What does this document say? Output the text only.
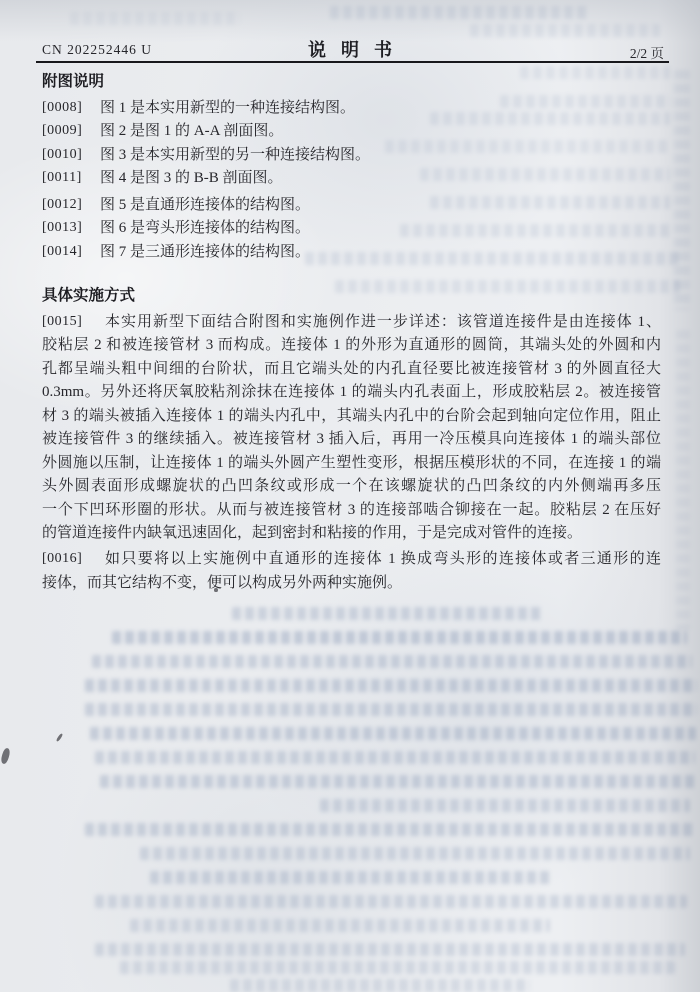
CN 202252446 U	说明书	2/2 页
附图说明
[0008]	图 1 是本实用新型的一种连接结构图。
[0009]	图 2 是图 1 的 A-A 剖面图。
[0010]	图 3 是本实用新型的另一种连接结构图。
[0011]	图 4 是图 3 的 B-B 剖面图。
[0012]	图 5 是直通形连接体的结构图。
[0013]	图 6 是弯头形连接体的结构图。
[0014]	图 7 是三通形连接体的结构图。
具体实施方式
[0015]	本实用新型下面结合附图和实施例作进一步详述：该管道连接件是由连接体 1、
胶粘层 2 和被连接管材 3 而构成。连接体 1 的外形为直通形的圆筒，其端头处的外圆和内
孔都呈端头粗中间细的台阶状，而且它端头处的内孔直径要比被连接管材 3 的外圆直径大
0.3mm。另外还将厌氧胶粘剂涂抹在连接体 1 的端头内孔表面上，形成胶粘层 2。被连接管
材 3 的端头被插入连接体 1 的端头内孔中，其端头内孔中的台阶会起到轴向定位作用，阻止
被连接管件 3 的继续插入。被连接管材 3 插入后，再用一冷压模具向连接体 1 的端头部位
外圆施以压制，让连接体 1 的端头外圆产生塑性变形，根据压模形状的不同，在连接 1 的端
头外圆表面形成螺旋状的凸凹条纹或形成一个在该螺旋状的凸凹条纹的内外侧端再多压
一个下凹环形圈的形状。从而与被连接管材 3 的连接部啮合铆接在一起。胶粘层 2 在压好
的管道连接件内缺氧迅速固化，起到密封和粘接的作用，于是完成对管件的连接。
[0016]	如只要将以上实施例中直通形的连接体 1 换成弯头形的连接体或者三通形的连
接体，而其它结构不变，便可以构成另外两种实施例。
